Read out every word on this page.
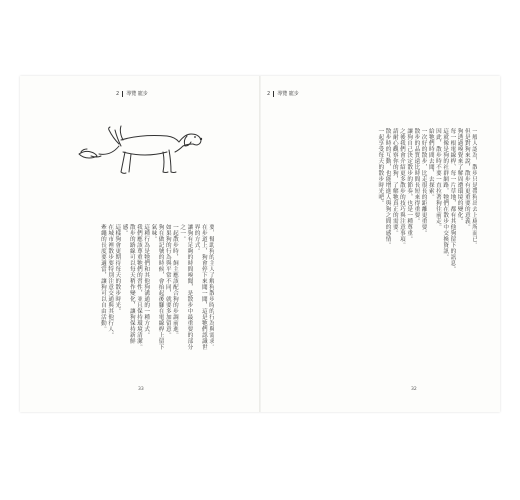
2 導覽 寵步

要，幫助狗的主人了解狗散步時的行為與需求。

在步道上，狗會停下來聞一聞，這是牠們認識世界的方式。

讓狗有足夠的時間嗅聞，是散步中最重要的部分之一。

一起散步時，飼主應該配合狗的步調前進。

如果狗的行為與平常不同，就要多加留意。

狗在做記號的時候，會抬起後腳在電線桿上留下氣味。

這種行為是牠們和其他狗溝通的一種方式。

我們應該尊重牠們的習性，並且保持環境清潔。

散步的路線可以每天稍作變化，讓狗保持新鮮感。

這樣狗會更期待每天的散步時光。

在城市裡散步要特別注意交通與其他行人。

牽繩的長度要適當，讓狗可以自由活動。

33
2 導覽 寵步

一般人認為，散步只是帶狗出去上廁所而已。

但是對狗來說，散步有更重要的意義。

狗透過嗅覺來了解周遭環境的變化。

每一根電線桿、每一片草地，都有其他狗留下的訊息。

這就像是狗的社群網路，牠們在散步中交換資訊。

因此，散步時不要一直拉著狗往前走。

給牠們時間去聞、去探索。

一次好的散步，比走很長的距離更重要。

散步的品質遠比時間長短來得重要。

讓狗自己決定散步的節奏，也是一種尊重。

之後我們會介紹更多散步的技巧與注意事項。

請耐心觀察你的狗，了解牠真正的需要。

散步時的互動，也能增進人與狗之間的感情。

一起享受每天的散步時光吧。

32
